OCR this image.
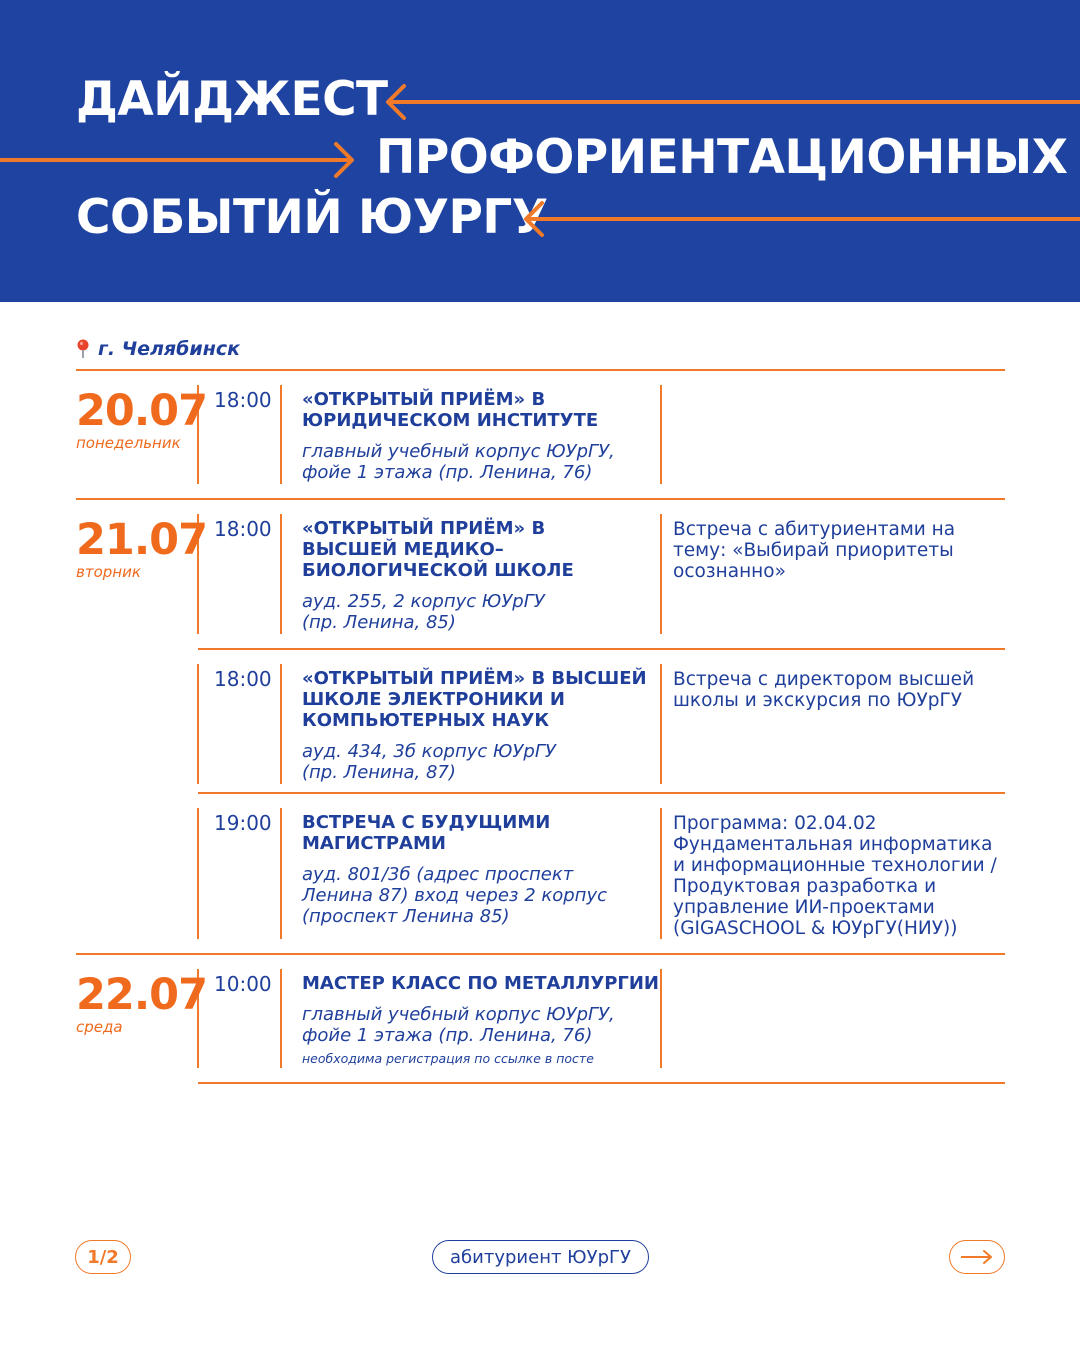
ДАЙДЖЕСТ
ПРОФОРИЕНТАЦИОННЫХ
СОБЫТИЙ ЮУРГУ
г. Челябинск
20.07
понедельник
18:00 «ОТКРЫТЫЙ ПРИЁМ» В ЮРИДИЧЕСКОМ ИНСТИТУТЕ
главный учебный корпус ЮУрГУ, фойе 1 этажа (пр. Ленина, 76)
21.07
вторник
18:00 «ОТКРЫТЫЙ ПРИЁМ» В ВЫСШЕЙ МЕДИКО–БИОЛОГИЧЕСКОЙ ШКОЛЕ
ауд. 255, 2 корпус ЮУрГУ (пр. Ленина, 85)
Встреча с абитуриентами на тему: «Выбирай приоритеты осознанно»
18:00 «ОТКРЫТЫЙ ПРИЁМ» В ВЫСШЕЙ ШКОЛЕ ЭЛЕКТРОНИКИ И КОМПЬЮТЕРНЫХ НАУК
ауд. 434, 3б корпус ЮУрГУ (пр. Ленина, 87)
Встреча с директором высшей школы и экскурсия по ЮУрГУ
19:00 ВСТРЕЧА С БУДУЩИМИ МАГИСТРАМИ
ауд. 801/3б (адрес проспект Ленина 87) вход через 2 корпус (проспект Ленина 85)
Программа: 02.04.02 Фундаментальная информатика и информационные технологии / Продуктовая разработка и управление ИИ-проектами (GIGASCHOOL & ЮУрГУ(НИУ))
22.07
среда
10:00 МАСТЕР КЛАСС ПО МЕТАЛЛУРГИИ
главный учебный корпус ЮУрГУ, фойе 1 этажа (пр. Ленина, 76)
необходима регистрация по ссылке в посте
1/2	абитуриент ЮУрГУ
